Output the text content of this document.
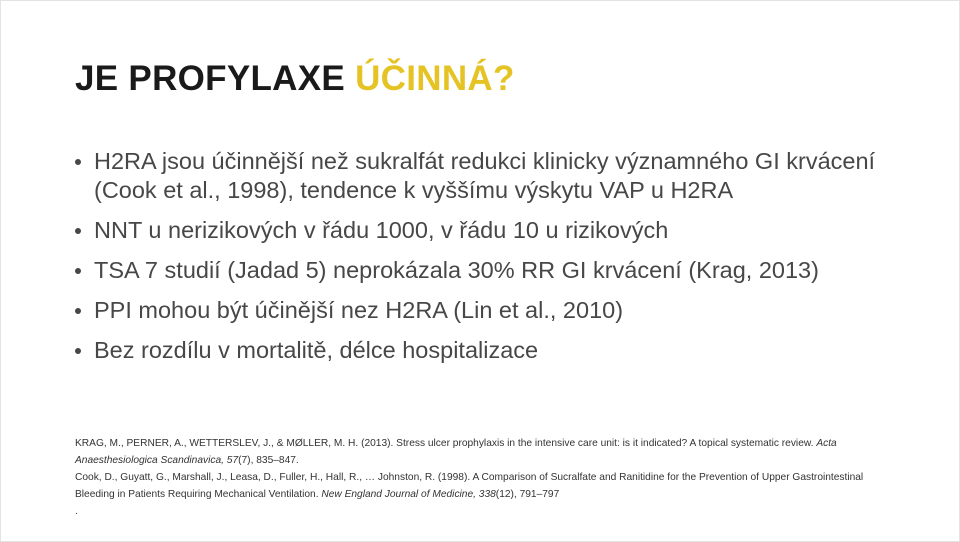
JE PROFYLAXE ÚČINNÁ?
H2RA jsou účinnější než sukralfát redukci klinicky významného GI krvácení (Cook et al., 1998), tendence k vyššímu výskytu VAP u H2RA
NNT u nerizikových v řádu 1000, v řádu 10 u rizikových
TSA 7 studií (Jadad 5) neprokázala 30% RR GI krvácení (Krag, 2013)
PPI mohou být účinější nez H2RA (Lin et al., 2010)
Bez rozdílu v mortalitě, délce hospitalizace

KRAG, M., PERNER, A., WETTERSLEV, J., & MØLLER, M. H. (2013). Stress ulcer prophylaxis in the intensive care unit: is it indicated? A topical systematic review. Acta Anaesthesiologica Scandinavica, 57(7), 835–847.

Cook, D., Guyatt, G., Marshall, J., Leasa, D., Fuller, H., Hall, R., … Johnston, R. (1998). A Comparison of Sucralfate and Ranitidine for the Prevention of Upper Gastrointestinal Bleeding in Patients Requiring Mechanical Ventilation. New England Journal of Medicine, 338(12), 791–797

.
